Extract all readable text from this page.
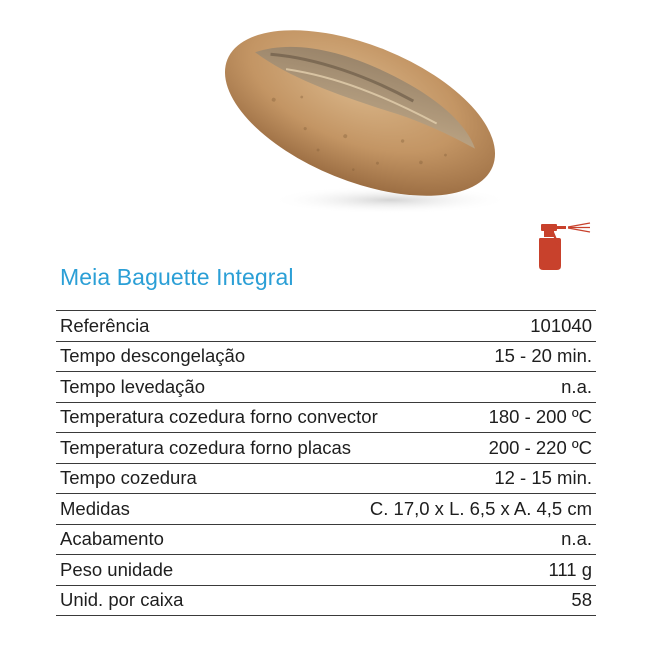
Meia Baguette Integral
Referência	101040
Tempo descongelação	15 - 20 min.
Tempo levedação	n.a.
Temperatura cozedura forno convector	180 - 200 ºC
Temperatura cozedura forno placas	200 - 220 ºC
Tempo cozedura	12 - 15 min.
Medidas	C. 17,0 x L. 6,5 x A. 4,5 cm
Acabamento	n.a.
Peso unidade	111 g
Unid. por caixa	58
